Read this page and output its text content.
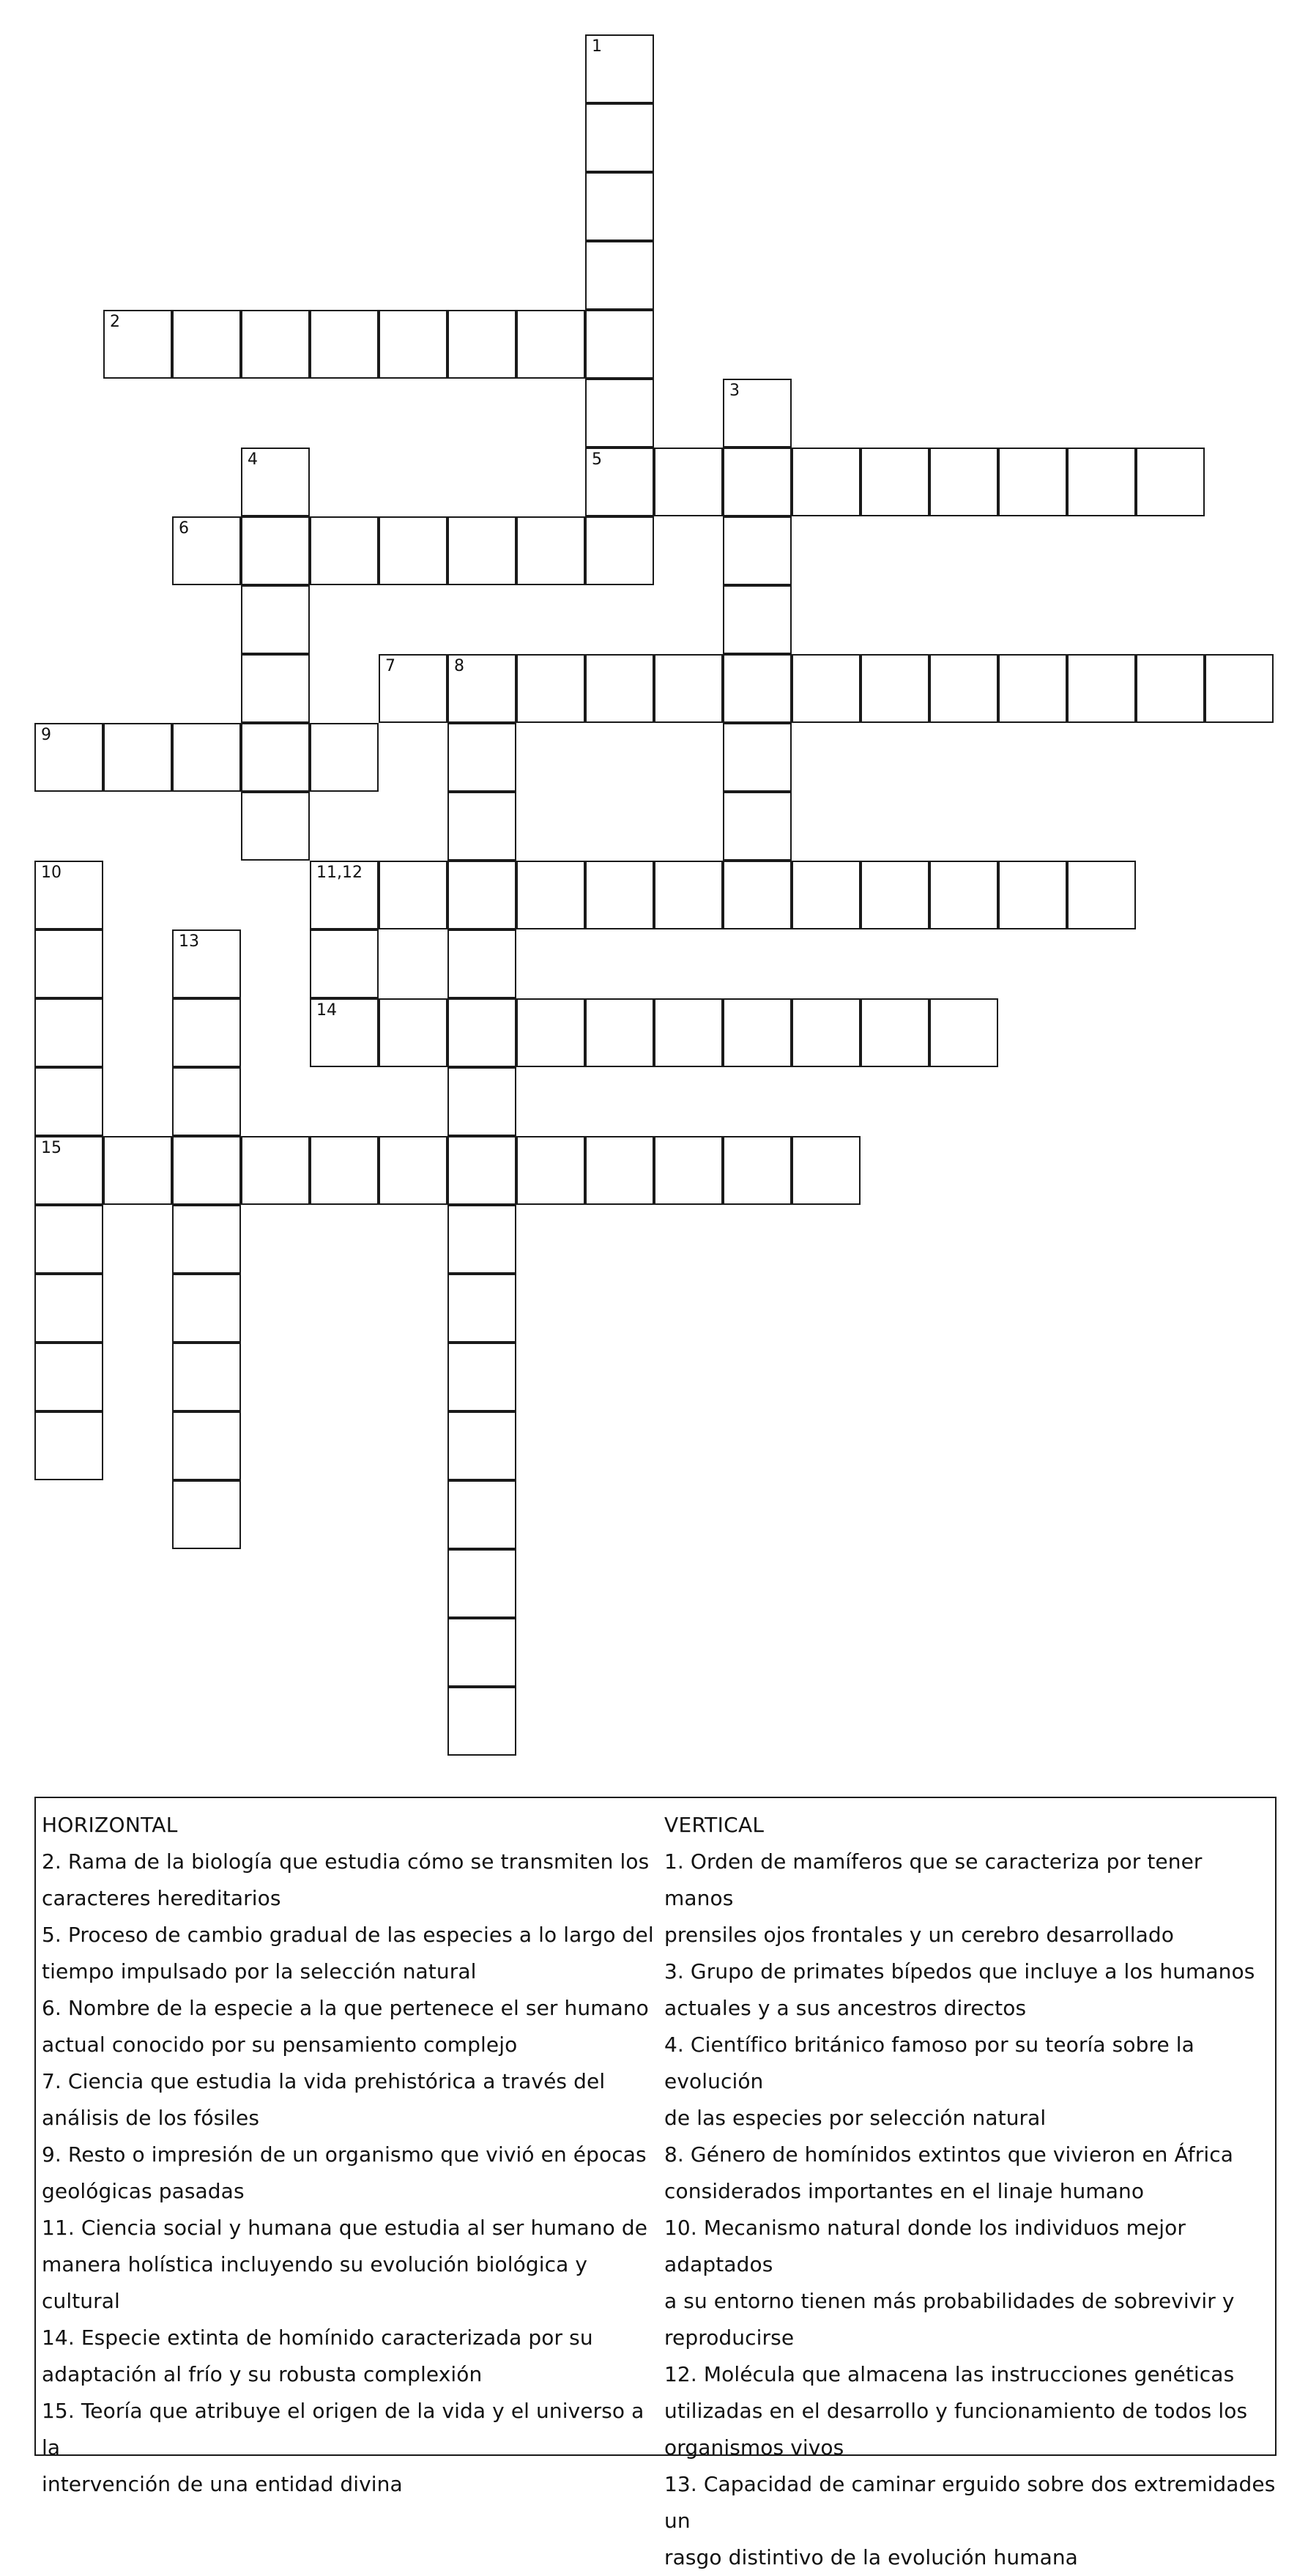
2
5
6
7	8
9
11,12
14
15
1
3
4
10
13
HORIZONTAL
2. Rama de la biología que estudia cómo se transmiten los
caracteres hereditarios
5. Proceso de cambio gradual de las especies a lo largo del
tiempo impulsado por la selección natural
6. Nombre de la especie a la que pertenece el ser humano
actual conocido por su pensamiento complejo
7. Ciencia que estudia la vida prehistórica a través del
análisis de los fósiles
9. Resto o impresión de un organismo que vivió en épocas
geológicas pasadas
11. Ciencia social y humana que estudia al ser humano de
manera holística incluyendo su evolución biológica y cultural
14. Especie extinta de homínido caracterizada por su
adaptación al frío y su robusta complexión
15. Teoría que atribuye el origen de la vida y el universo a la
intervención de una entidad divina
VERTICAL
1. Orden de mamíferos que se caracteriza por tener manos
prensiles ojos frontales y un cerebro desarrollado
3. Grupo de primates bípedos que incluye a los humanos
actuales y a sus ancestros directos
4. Científico británico famoso por su teoría sobre la evolución
de las especies por selección natural
8. Género de homínidos extintos que vivieron en África
considerados importantes en el linaje humano
10. Mecanismo natural donde los individuos mejor adaptados
a su entorno tienen más probabilidades de sobrevivir y
reproducirse
12. Molécula que almacena las instrucciones genéticas
utilizadas en el desarrollo y funcionamiento de todos los
organismos vivos
13. Capacidad de caminar erguido sobre dos extremidades un
rasgo distintivo de la evolución humana
